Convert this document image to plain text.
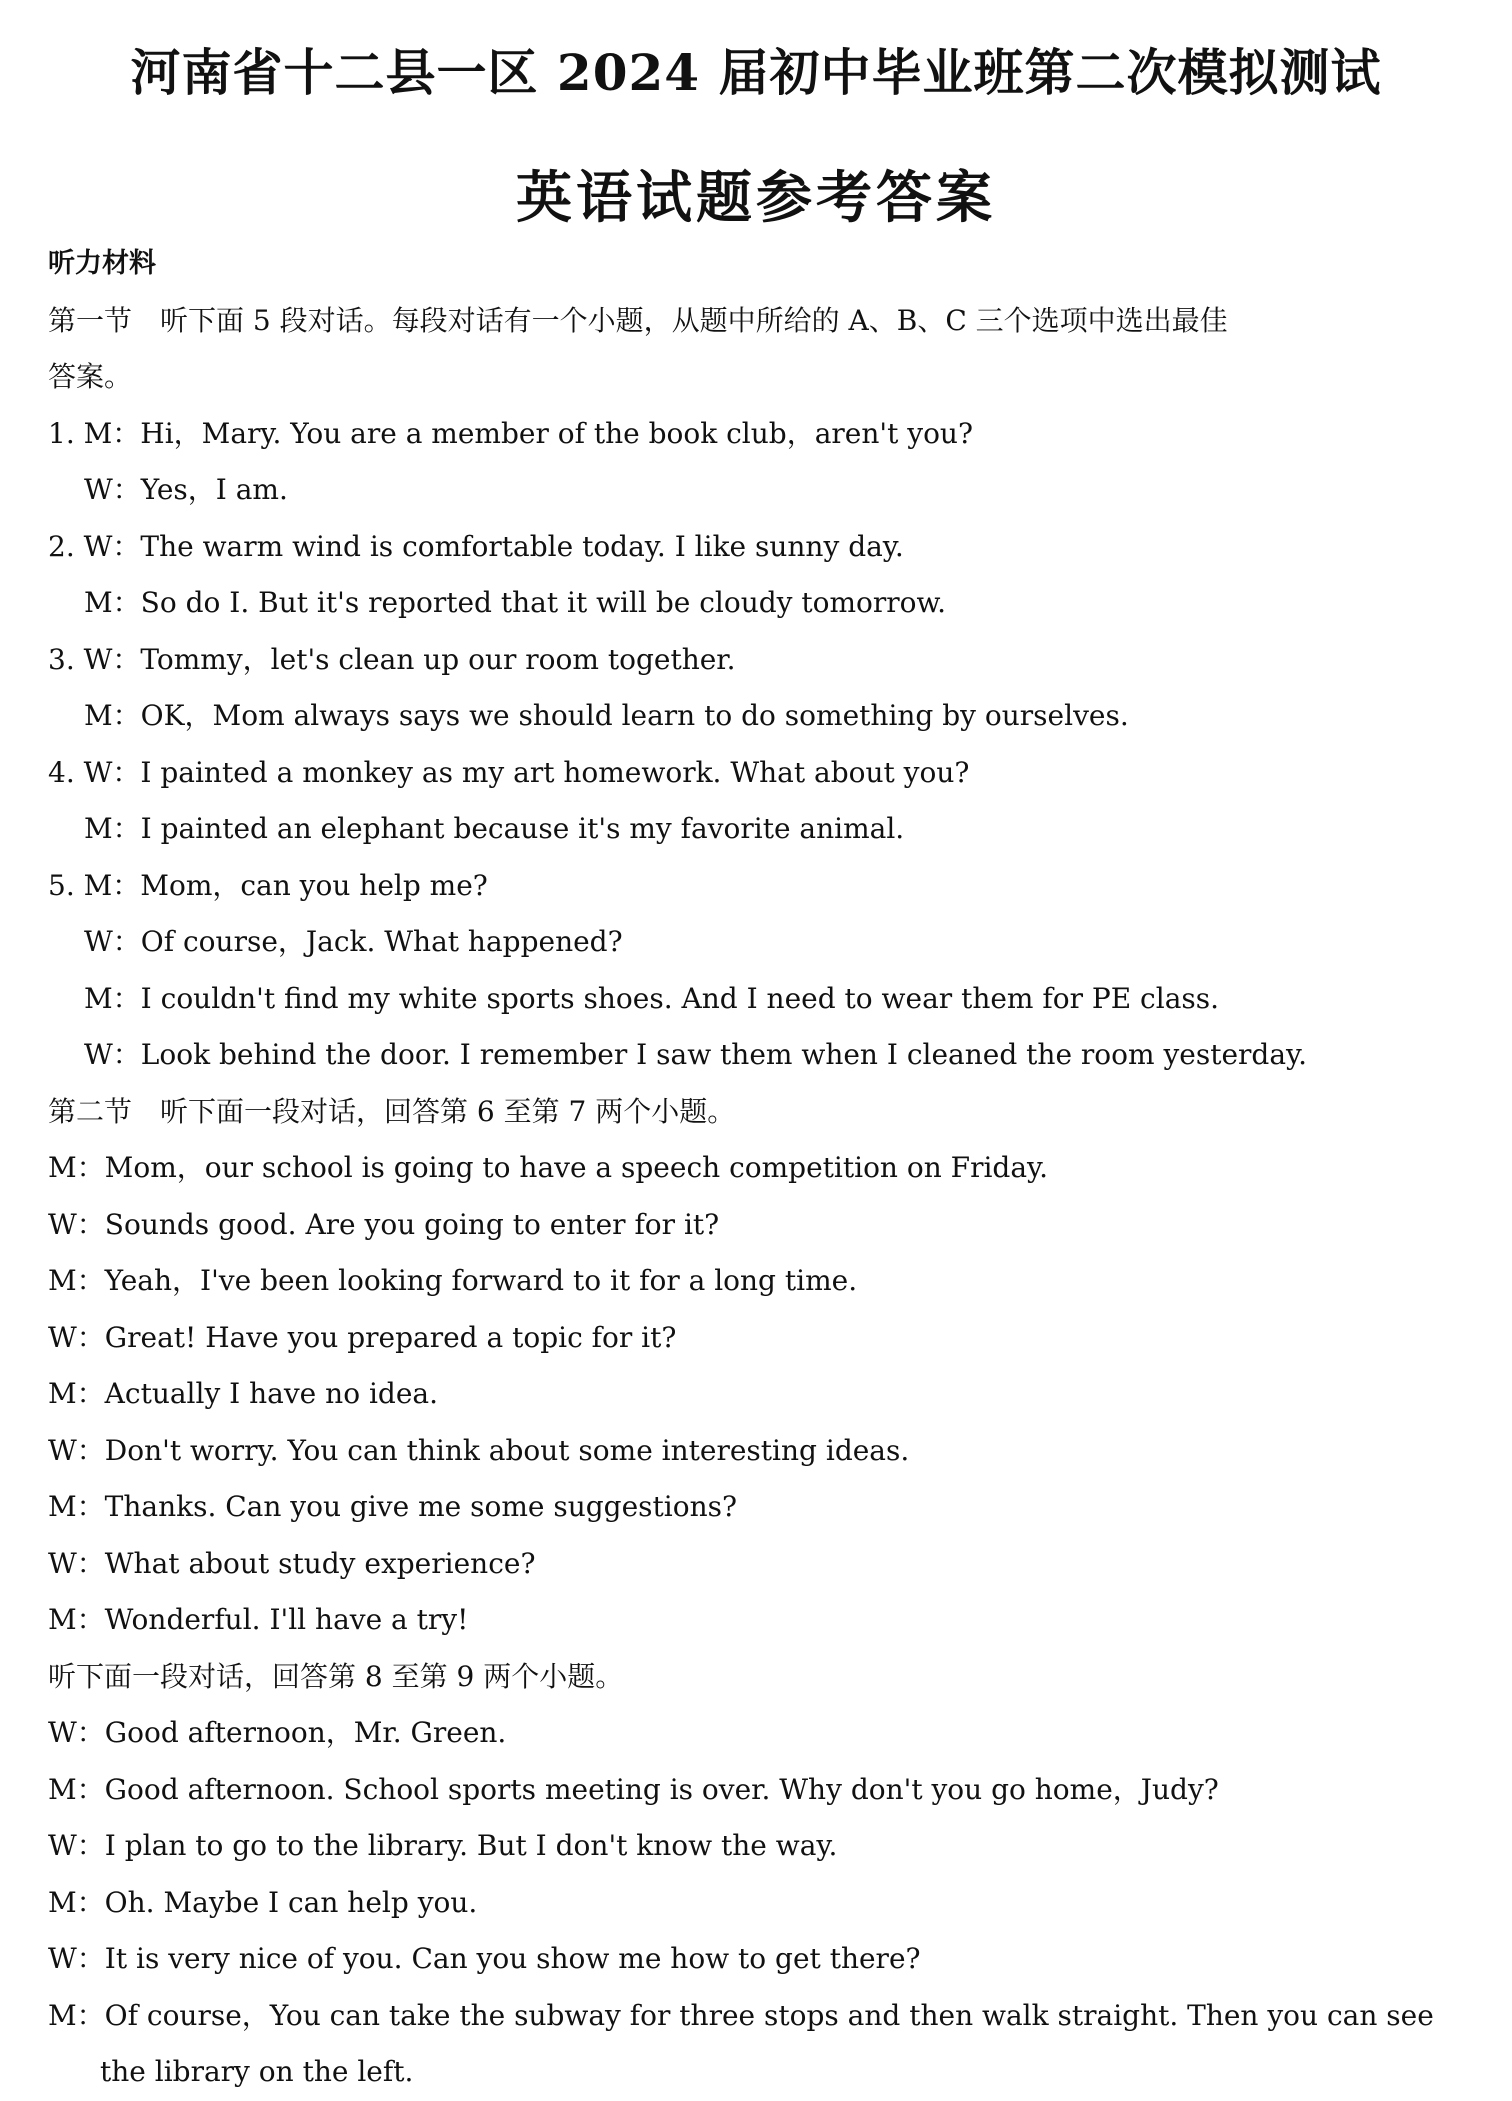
河南省十二县一区 2024 届初中毕业班第二次模拟测试
英语试题参考答案
听力材料
第一节　听下面 5 段对话。每段对话有一个小题，从题中所给的 A、B、C 三个选项中选出最佳
答案。
1. M：Hi，Mary. You are a member of the book club，aren't you?
W：Yes，I am.
2. W：The warm wind is comfortable today. I like sunny day.
M：So do I. But it's reported that it will be cloudy tomorrow.
3. W：Tommy，let's clean up our room together.
M：OK，Mom always says we should learn to do something by ourselves.
4. W：I painted a monkey as my art homework. What about you?
M：I painted an elephant because it's my favorite animal.
5. M：Mom，can you help me?
W：Of course，Jack. What happened?
M：I couldn't find my white sports shoes. And I need to wear them for PE class.
W：Look behind the door. I remember I saw them when I cleaned the room yesterday.
第二节　听下面一段对话，回答第 6 至第 7 两个小题。
M：Mom，our school is going to have a speech competition on Friday.
W：Sounds good. Are you going to enter for it?
M：Yeah，I've been looking forward to it for a long time.
W：Great! Have you prepared a topic for it?
M：Actually I have no idea.
W：Don't worry. You can think about some interesting ideas.
M：Thanks. Can you give me some suggestions?
W：What about study experience?
M：Wonderful. I'll have a try!
听下面一段对话，回答第 8 至第 9 两个小题。
W：Good afternoon，Mr. Green.
M：Good afternoon. School sports meeting is over. Why don't you go home，Judy?
W：I plan to go to the library. But I don't know the way.
M：Oh. Maybe I can help you.
W：It is very nice of you. Can you show me how to get there?
M：Of course，You can take the subway for three stops and then walk straight. Then you can see
the library on the left.
